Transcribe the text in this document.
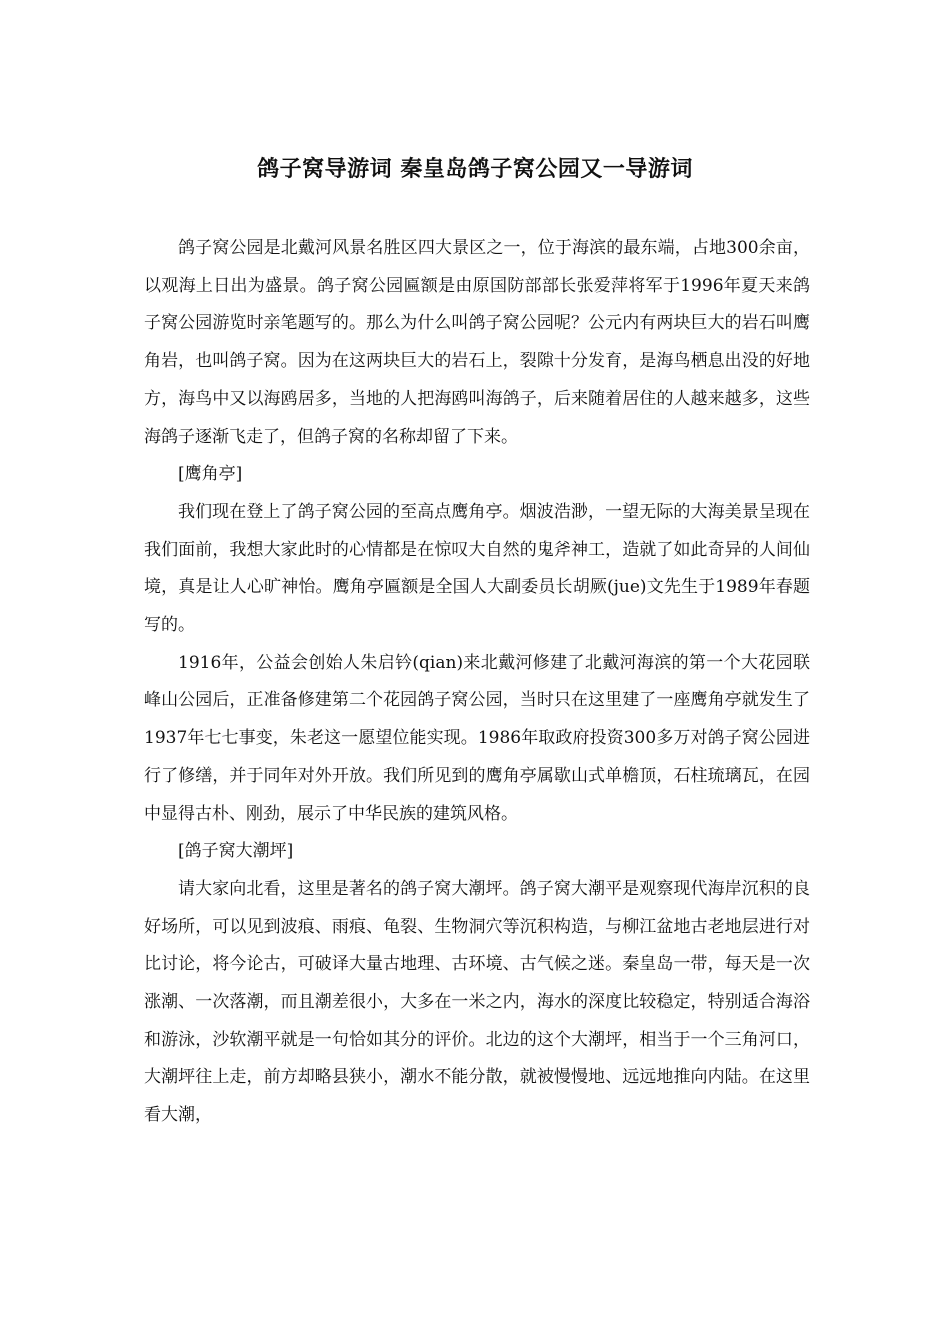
鸽子窝导游词 秦皇岛鸽子窝公园又一导游词

鸽子窝公园是北戴河风景名胜区四大景区之一，位于海滨的最东端，占地300余亩，以观海上日出为盛景。鸽子窝公园匾额是由原国防部部长张爱萍将军于1996年夏天来鸽子窝公园游览时亲笔题写的。那么为什么叫鸽子窝公园呢？公元内有两块巨大的岩石叫鹰角岩，也叫鸽子窝。因为在这两块巨大的岩石上，裂隙十分发育，是海鸟栖息出没的好地方，海鸟中又以海鸥居多，当地的人把海鸥叫海鸽子，后来随着居住的人越来越多，这些海鸽子逐渐飞走了，但鸽子窝的名称却留了下来。

[鹰角亭]

我们现在登上了鸽子窝公园的至高点鹰角亭。烟波浩渺，一望无际的大海美景呈现在我们面前，我想大家此时的心情都是在惊叹大自然的鬼斧神工，造就了如此奇异的人间仙境，真是让人心旷神怡。鹰角亭匾额是全国人大副委员长胡厥(jue)文先生于1989年春题写的。

1916年，公益会创始人朱启钤(qian)来北戴河修建了北戴河海滨的第一个大花园联峰山公园后，正准备修建第二个花园鸽子窝公园，当时只在这里建了一座鹰角亭就发生了1937年七七事变，朱老这一愿望位能实现。1986年取政府投资300多万对鸽子窝公园进行了修缮，并于同年对外开放。我们所见到的鹰角亭属歇山式单檐顶，石柱琉璃瓦，在园中显得古朴、刚劲，展示了中华民族的建筑风格。

[鸽子窝大潮坪]

请大家向北看，这里是著名的鸽子窝大潮坪。鸽子窝大潮平是观察现代海岸沉积的良好场所，可以见到波痕、雨痕、龟裂、生物洞穴等沉积构造，与柳江盆地古老地层进行对比讨论，将今论古，可破译大量古地理、古环境、古气候之迷。秦皇岛一带，每天是一次涨潮、一次落潮，而且潮差很小，大多在一米之内，海水的深度比较稳定，特别适合海浴和游泳，沙软潮平就是一句恰如其分的评价。北边的这个大潮坪，相当于一个三角河口，大潮坪往上走，前方却略县狭小，潮水不能分散，就被慢慢地、远远地推向内陆。在这里看大潮，
